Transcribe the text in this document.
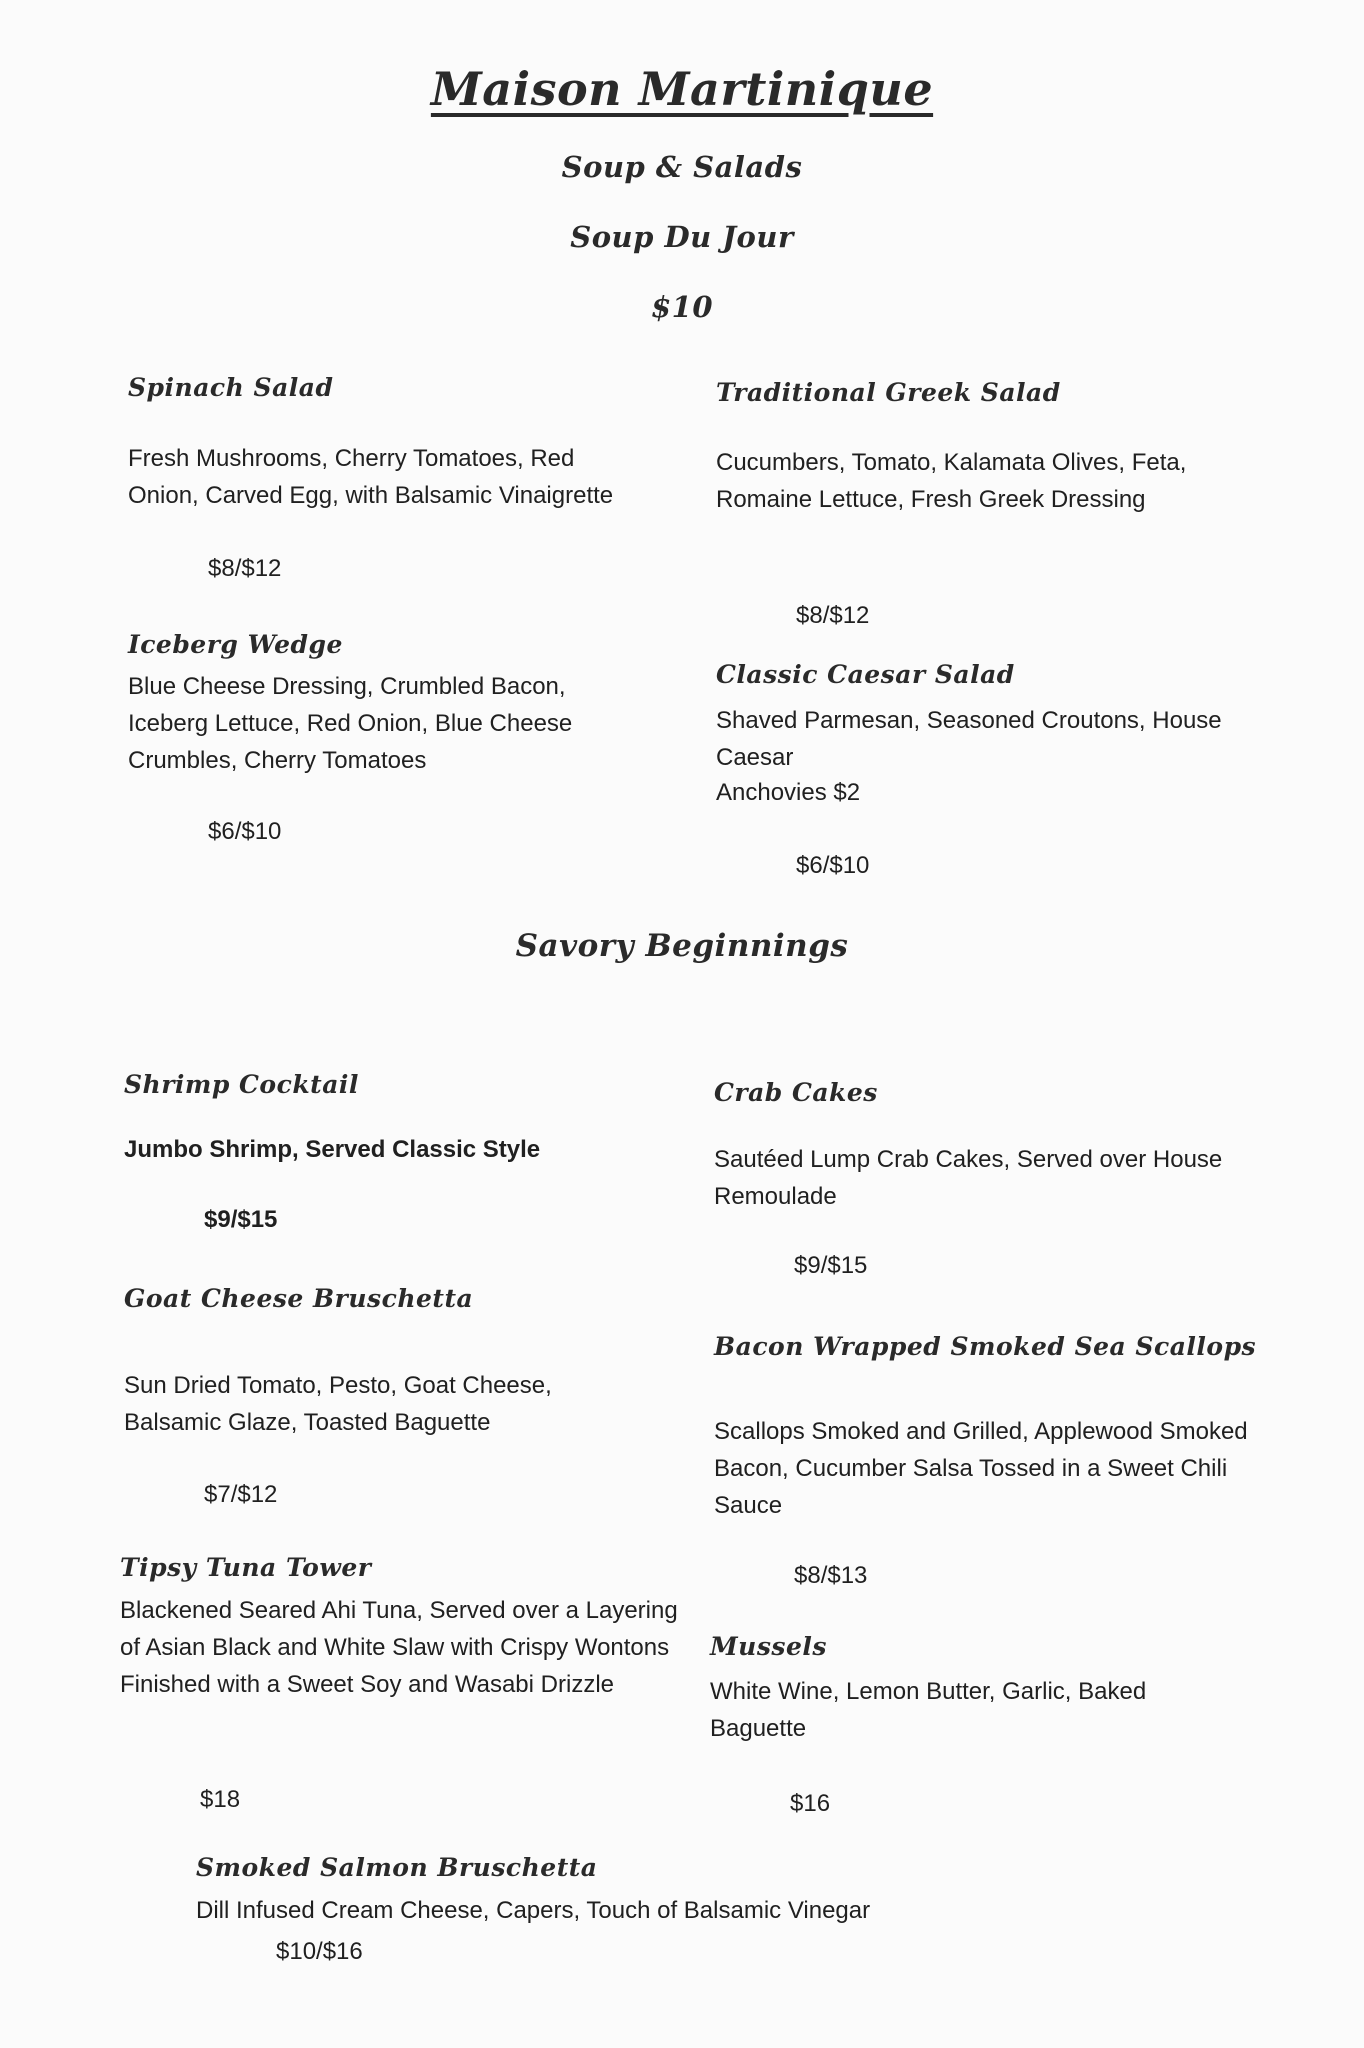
Maison Martinique
Soup & Salads
Soup Du Jour
$10
Spinach Salad
Fresh Mushrooms, Cherry Tomatoes, Red Onion, Carved Egg, with Balsamic Vinaigrette
$8/$12
Traditional Greek Salad
Cucumbers, Tomato, Kalamata Olives, Feta, Romaine Lettuce, Fresh Greek Dressing
$8/$12
Iceberg Wedge
Blue Cheese Dressing, Crumbled Bacon, Iceberg Lettuce, Red Onion, Blue Cheese Crumbles, Cherry Tomatoes
$6/$10
Classic Caesar Salad
Shaved Parmesan, Seasoned Croutons, House Caesar
Anchovies $2
$6/$10
Savory Beginnings
Shrimp Cocktail
Jumbo Shrimp, Served Classic Style
$9/$15
Crab Cakes
Sautéed Lump Crab Cakes, Served over House Remoulade
$9/$15
Goat Cheese Bruschetta
Sun Dried Tomato, Pesto, Goat Cheese, Balsamic Glaze, Toasted Baguette
$7/$12
Bacon Wrapped Smoked Sea Scallops
Scallops Smoked and Grilled, Applewood Smoked Bacon, Cucumber Salsa Tossed in a Sweet Chili Sauce
$8/$13
Tipsy Tuna Tower
Blackened Seared Ahi Tuna, Served over a Layering of Asian Black and White Slaw with Crispy Wontons Finished with a Sweet Soy and Wasabi Drizzle
$18
Mussels
White Wine, Lemon Butter, Garlic, Baked Baguette
$16
Smoked Salmon Bruschetta
Dill Infused Cream Cheese, Capers, Touch of Balsamic Vinegar
$10/$16
